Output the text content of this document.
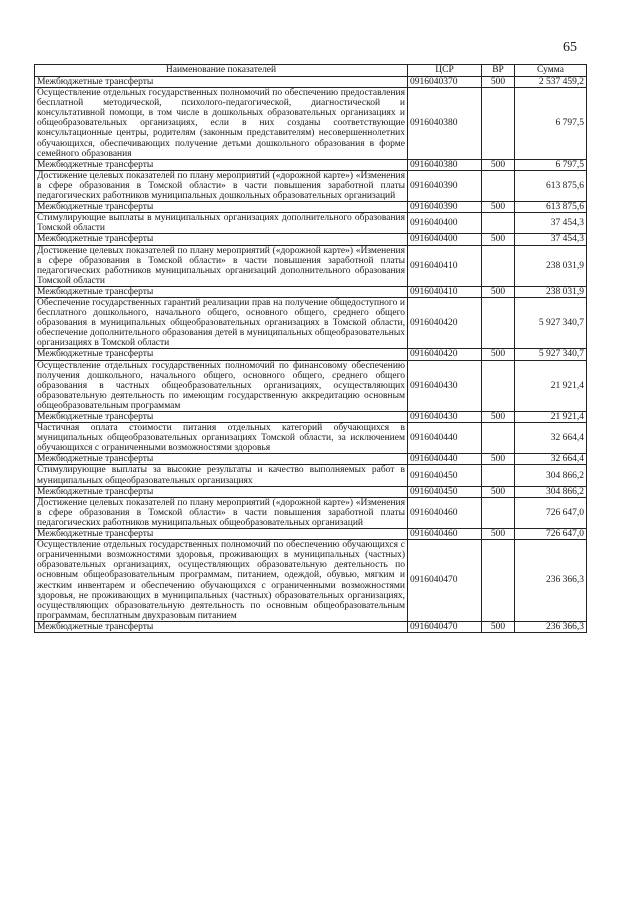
65
Наименование показателей	ЦСР	ВР	Сумма
Межбюджетные трансферты	0916040370	500	2 537 459,2
Осуществление отдельных государственных полномочий по обеспечению предоставления бесплатной методической, психолого-педагогической, диагностической и консультативной помощи, в том числе в дошкольных образовательных организациях и общеобразовательных организациях, если в них созданы соответствующие консультационные центры, родителям (законным представителям) несовершеннолетних обучающихся, обеспечивающих получение детьми дошкольного образования в форме семейного образования	0916040380		6 797,5
Межбюджетные трансферты	0916040380	500	6 797,5
Достижение целевых показателей по плану мероприятий («дорожной карте») «Изменения в сфере образования в Томской области» в части повышения заработной платы педагогических работников муниципальных дошкольных образовательных организаций	0916040390		613 875,6
Межбюджетные трансферты	0916040390	500	613 875,6
Стимулирующие выплаты в муниципальных организациях дополнительного образования Томской области	0916040400		37 454,3
Межбюджетные трансферты	0916040400	500	37 454,3
Достижение целевых показателей по плану мероприятий («дорожной карте») «Изменения в сфере образования в Томской области» в части повышения заработной платы педагогических работников муниципальных организаций дополнительного образования Томской области	0916040410		238 031,9
Межбюджетные трансферты	0916040410	500	238 031,9
Обеспечение государственных гарантий реализации прав на получение общедоступного и бесплатного дошкольного, начального общего, основного общего, среднего общего образования в муниципальных общеобразовательных организациях в Томской области, обеспечение дополнительного образования детей в муниципальных общеобразовательных организациях в Томской области	0916040420		5 927 340,7
Межбюджетные трансферты	0916040420	500	5 927 340,7
Осуществление отдельных государственных полномочий по финансовому обеспечению получения дошкольного, начального общего, основного общего, среднего общего образования в частных общеобразовательных организациях, осуществляющих образовательную деятельность по имеющим государственную аккредитацию основным общеобразовательным программам	0916040430		21 921,4
Межбюджетные трансферты	0916040430	500	21 921,4
Частичная оплата стоимости питания отдельных категорий обучающихся в муниципальных общеобразовательных организациях Томской области, за исключением обучающихся с ограниченными возможностями здоровья	0916040440		32 664,4
Межбюджетные трансферты	0916040440	500	32 664,4
Стимулирующие выплаты за высокие результаты и качество выполняемых работ в муниципальных общеобразовательных организациях	0916040450		304 866,2
Межбюджетные трансферты	0916040450	500	304 866,2
Достижение целевых показателей по плану мероприятий («дорожной карте») «Изменения в сфере образования в Томской области» в части повышения заработной платы педагогических работников муниципальных общеобразовательных организаций	0916040460		726 647,0
Межбюджетные трансферты	0916040460	500	726 647,0
Осуществление отдельных государственных полномочий по обеспечению обучающихся с ограниченными возможностями здоровья, проживающих в муниципальных (частных) образовательных организациях, осуществляющих образовательную деятельность по основным общеобразовательным программам, питанием, одеждой, обувью, мягким и жестким инвентарем и обеспечению обучающихся с ограниченными возможностями здоровья, не проживающих в муниципальных (частных) образовательных организациях, осуществляющих образовательную деятельность по основным общеобразовательным программам, бесплатным двухразовым питанием	0916040470		236 366,3
Межбюджетные трансферты	0916040470	500	236 366,3
